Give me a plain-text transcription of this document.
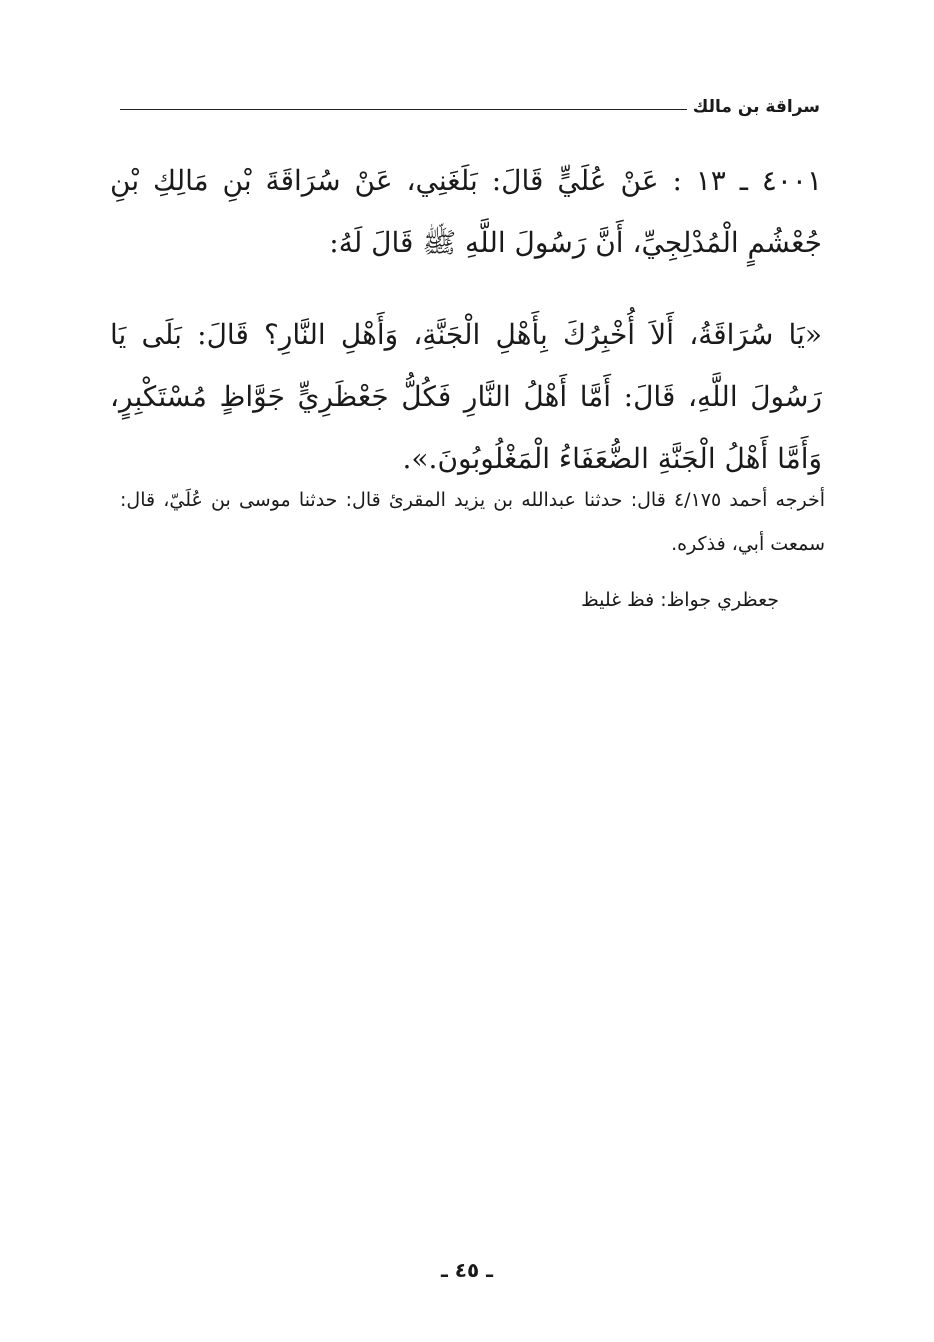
سراقة بن مالك

٤٠٠١ ـ ١٣ : عَنْ عُلَيٍّ قَالَ: بَلَغَنِي، عَنْ سُرَاقَةَ بْنِ مَالِكِ بْنِ جُعْشُمٍ الْمُدْلِجِيِّ، أَنَّ رَسُولَ اللَّهِ ﷺ قَالَ لَهُ:

«يَا سُرَاقَةُ، أَلاَ أُخْبِرُكَ بِأَهْلِ الْجَنَّةِ، وَأَهْلِ النَّارِ؟ قَالَ: بَلَى يَا رَسُولَ اللَّهِ، قَالَ: أَمَّا أَهْلُ النَّارِ فَكُلُّ جَعْظَرِيٍّ جَوَّاظٍ مُسْتَكْبِرٍ، وَأَمَّا أَهْلُ الْجَنَّةِ الضُّعَفَاءُ الْمَغْلُوبُونَ.».

أخرجه أحمد ٤/١٧٥ قال: حدثنا عبدالله بن يزيد المقرئ قال: حدثنا موسى بن عُلَيّ، قال: سمعت أبي، فذكره.

جعظري جواظ: فظ غليظ

ـ ٤٥ ـ
